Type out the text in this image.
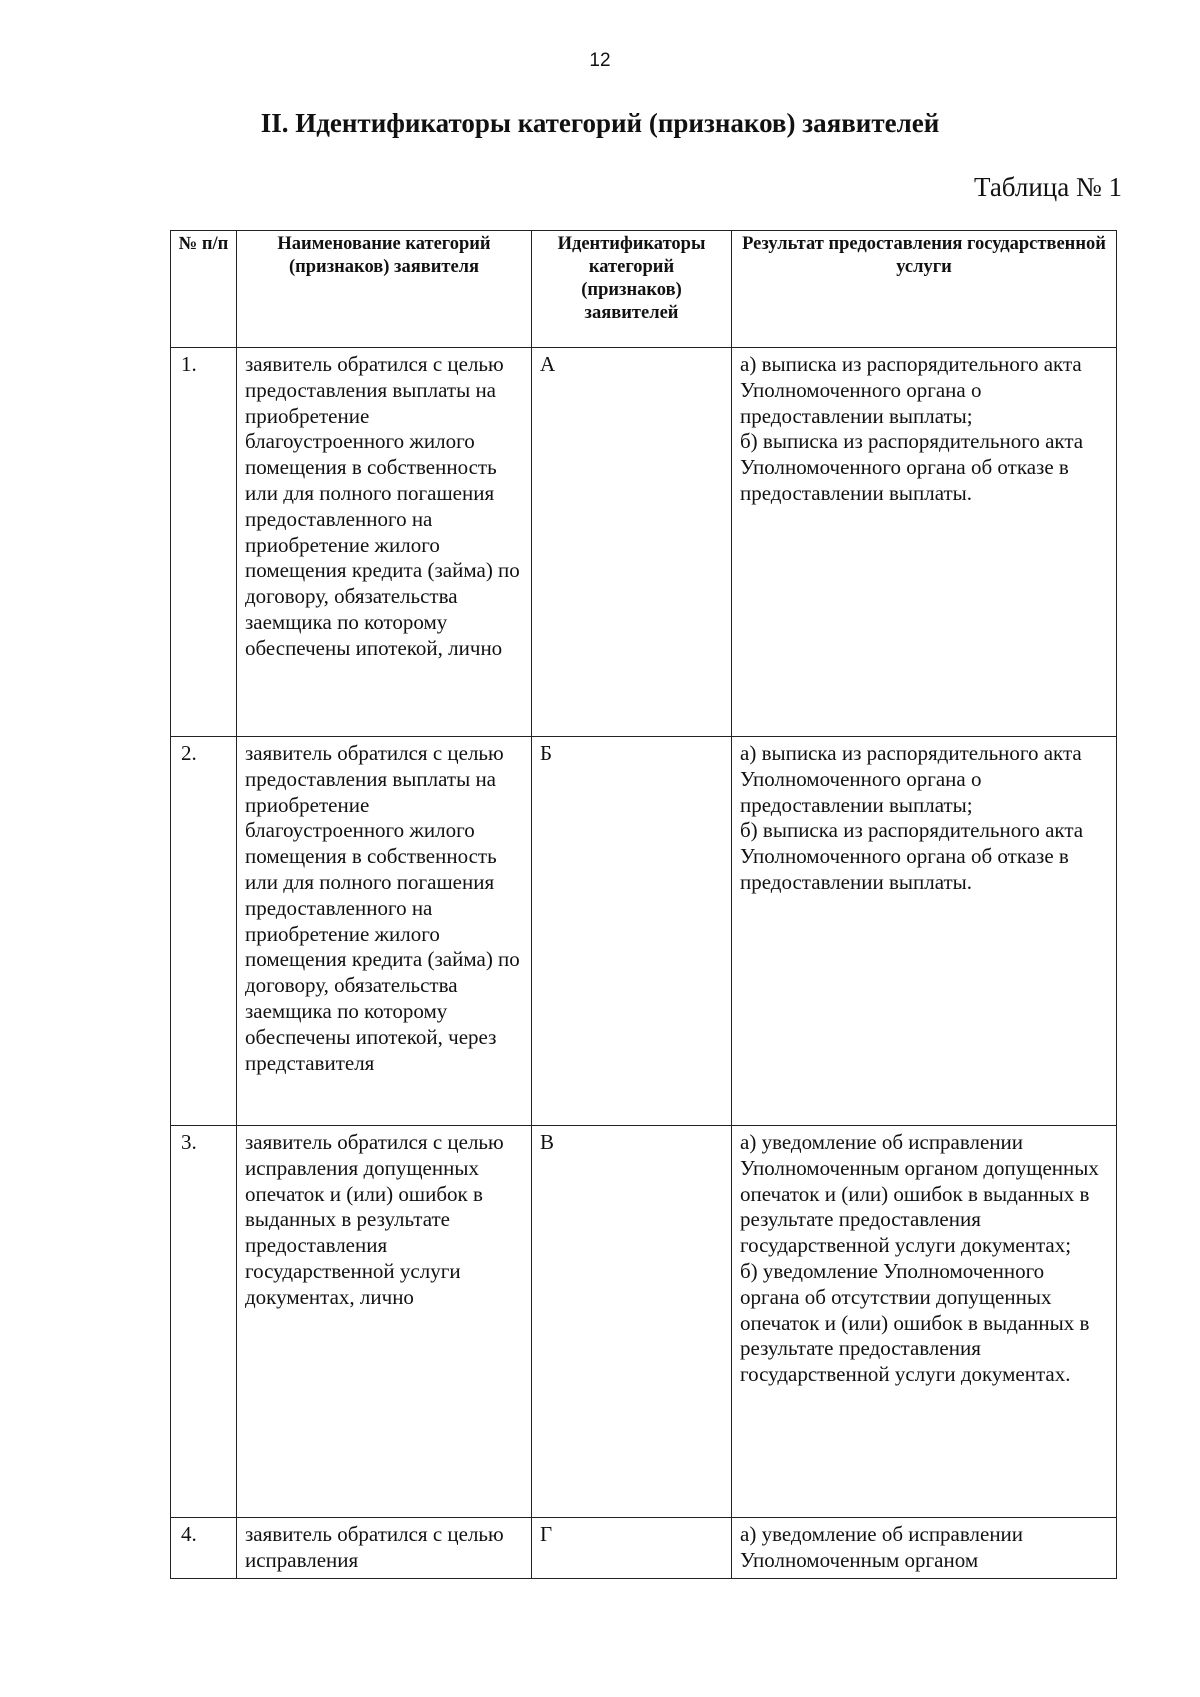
12
II. Идентификаторы категорий (признаков) заявителей
Таблица № 1
№ п/п	Наименование категорий (признаков) заявителя	Идентификаторы категорий (признаков) заявителей	Результат предоставления государственной услуги
1.	заявитель обратился с целью предоставления выплаты на приобретение благоустроенного жилого помещения в собственность или для полного погашения предоставленного на приобретение жилого помещения кредита (займа) по договору, обязательства заемщика по которому обеспечены ипотекой, лично	А	а) выписка из распорядительного акта Уполномоченного органа о предоставлении выплаты;
б) выписка из распорядительного акта Уполномоченного органа об отказе в предоставлении выплаты.

2.	заявитель обратился с целью предоставления выплаты на приобретение благоустроенного жилого помещения в собственность или для полного погашения предоставленного на приобретение жилого помещения кредита (займа) по договору, обязательства заемщика по которому обеспечены ипотекой, через представителя	Б	а) выписка из распорядительного акта Уполномоченного органа о предоставлении выплаты;
б) выписка из распорядительного акта Уполномоченного органа об отказе в предоставлении выплаты.

3.	заявитель обратился с целью исправления допущенных опечаток и (или) ошибок в выданных в результате предоставления государственной услуги документах, лично	В	а) уведомление об исправлении Уполномоченным органом допущенных опечаток и (или) ошибок в выданных в результате предоставления государственной услуги документах;
б) уведомление Уполномоченного органа об отсутствии допущенных опечаток и (или) ошибок в выданных в результате предоставления государственной услуги документах.

4.	заявитель обратился с целью исправления	Г	а) уведомление об исправлении Уполномоченным органом
